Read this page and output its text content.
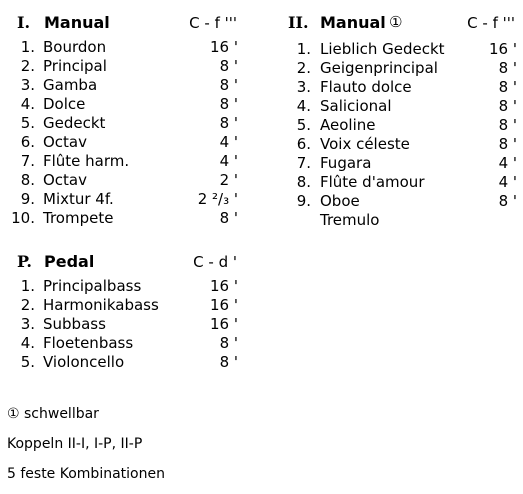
I. Manual	C - f '''
1. Bourdon	16 '
2. Principal	8 '
3. Gamba	8 '
4. Dolce	8 '
5. Gedeckt	8 '
6. Octav	4 '
7. Flûte harm.	4 '
8. Octav	2 '
9. Mixtur 4f.	2 ²/₃ '
10. Trompete	8 '
II. Manual ①	C - f '''
1. Lieblich Gedeckt	16 '
2. Geigenprincipal	8 '
3. Flauto dolce	8 '
4. Salicional	8 '
5. Aeoline	8 '
6. Voix céleste	8 '
7. Fugara	4 '
8. Flûte d'amour	4 '
9. Oboe	8 '
Tremulo
P. Pedal	C - d '
1. Principalbass	16 '
2. Harmonikabass	16 '
3. Subbass	16 '
4. Floetenbass	8 '
5. Violoncello	8 '
① schwellbar
Koppeln II-I, I-P, II-P
5 feste Kombinationen
